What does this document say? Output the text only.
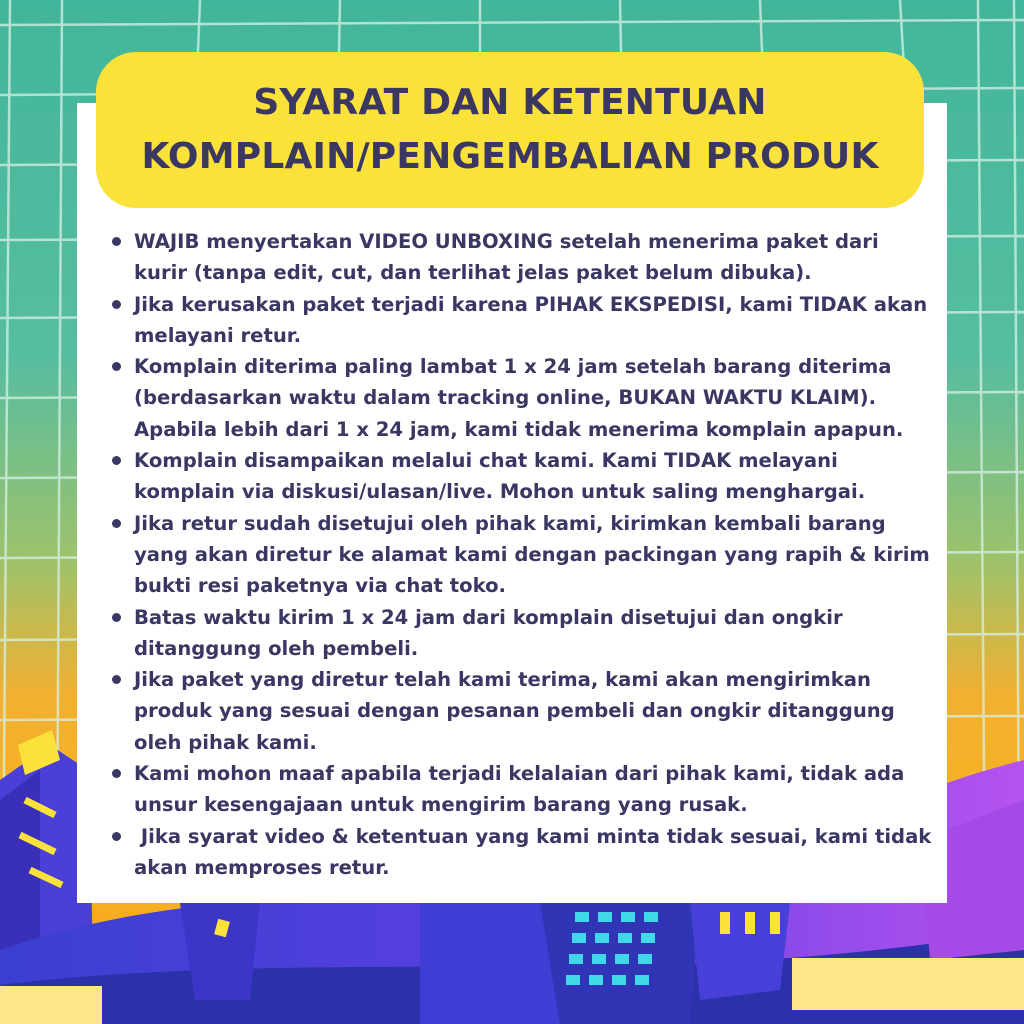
SYARAT DAN KETENTUAN
KOMPLAIN/PENGEMBALIAN PRODUK
WAJIB menyertakan VIDEO UNBOXING setelah menerima paket dari
kurir (tanpa edit, cut, dan terlihat jelas paket belum dibuka).
Jika kerusakan paket terjadi karena PIHAK EKSPEDISI, kami TIDAK akan
melayani retur.
Komplain diterima paling lambat 1 x 24 jam setelah barang diterima
(berdasarkan waktu dalam tracking online, BUKAN WAKTU KLAIM).
Apabila lebih dari 1 x 24 jam, kami tidak menerima komplain apapun.
Komplain disampaikan melalui chat kami. Kami TIDAK melayani
komplain via diskusi/ulasan/live. Mohon untuk saling menghargai.
Jika retur sudah disetujui oleh pihak kami, kirimkan kembali barang
yang akan diretur ke alamat kami dengan packingan yang rapih & kirim
bukti resi paketnya via chat toko.
Batas waktu kirim 1 x 24 jam dari komplain disetujui dan ongkir
ditanggung oleh pembeli.
Jika paket yang diretur telah kami terima, kami akan mengirimkan
produk yang sesuai dengan pesanan pembeli dan ongkir ditanggung
oleh pihak kami.
Kami mohon maaf apabila terjadi kelalaian dari pihak kami, tidak ada
unsur kesengajaan untuk mengirim barang yang rusak.
Jika syarat video & ketentuan yang kami minta tidak sesuai, kami tidak
akan memproses retur.
